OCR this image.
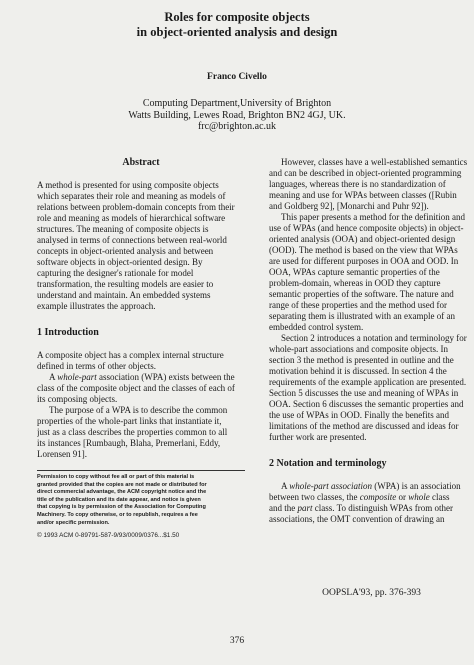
Roles for composite objects
in object-oriented analysis and design
Franco Civello
Computing Department,University of Brighton
Watts Building, Lewes Road, Brighton BN2 4GJ, UK.
frc@brighton.ac.uk

Abstract

A method is presented for using composite objects
which separates their role and meaning as models of
relations between problem-domain concepts from their
role and meaning as models of hierarchical software
structures. The meaning of composite objects is
analysed in terms of connections between real-world
concepts in object-oriented analysis and between
software objects in object-oriented design. By
capturing the designer's rationale for model
transformation, the resulting models are easier to
understand and maintain. An embedded systems
example illustrates the approach.

1 Introduction

A composite object has a complex internal structure
defined in terms of other objects.
A whole-part association (WPA) exists between the
class of the composite object and the classes of each of
its composing objects.
The purpose of a WPA is to describe the common
properties of the whole-part links that instantiate it,
just as a class describes the properties common to all
its instances [Rumbaugh, Blaha, Premerlani, Eddy,
Lorensen 91].
Permission to copy without fee all or part of this material is
granted provided that the copies are not made or distributed for
direct commercial advantage, the ACM copyright notice and the
title of the publication and its date appear, and notice is given
that copying is by permission of the Association for Computing
Machinery. To copy otherwise, or to republish, requires a fee
and/or specific permission.
© 1993 ACM 0-89791-587-9/93/0009/0376...$1.50
However, classes have a well-established semantics
and can be described in object-oriented programming
languages, whereas there is no standardization of
meaning and use for WPAs between classes ([Rubin
and Goldberg 92], [Monarchi and Puhr 92]).
This paper presents a method for the definition and
use of WPAs (and hence composite objects) in object-
oriented analysis (OOA) and object-oriented design
(OOD). The method is based on the view that WPAs
are used for different purposes in OOA and OOD. In
OOA, WPAs capture semantic properties of the
problem-domain, whereas in OOD they capture
semantic properties of the software. The nature and
range of these properties and the method used for
separating them is illustrated with an example of an
embedded control system.
Section 2 introduces a notation and terminology for
whole-part associations and composite objects. In
section 3 the method is presented in outline and the
motivation behind it is discussed. In section 4 the
requirements of the example application are presented.
Section 5 discusses the use and meaning of WPAs in
OOA. Section 6 discusses the semantic properties and
the use of WPAs in OOD. Finally the benefits and
limitations of the method are discussed and ideas for
further work are presented.

2 Notation and terminology

A whole-part association (WPA) is an association
between two classes, the composite or whole class
and the part class. To distinguish WPAs from other
associations, the OMT convention of drawing an
OOPSLA'93, pp. 376-393
376
